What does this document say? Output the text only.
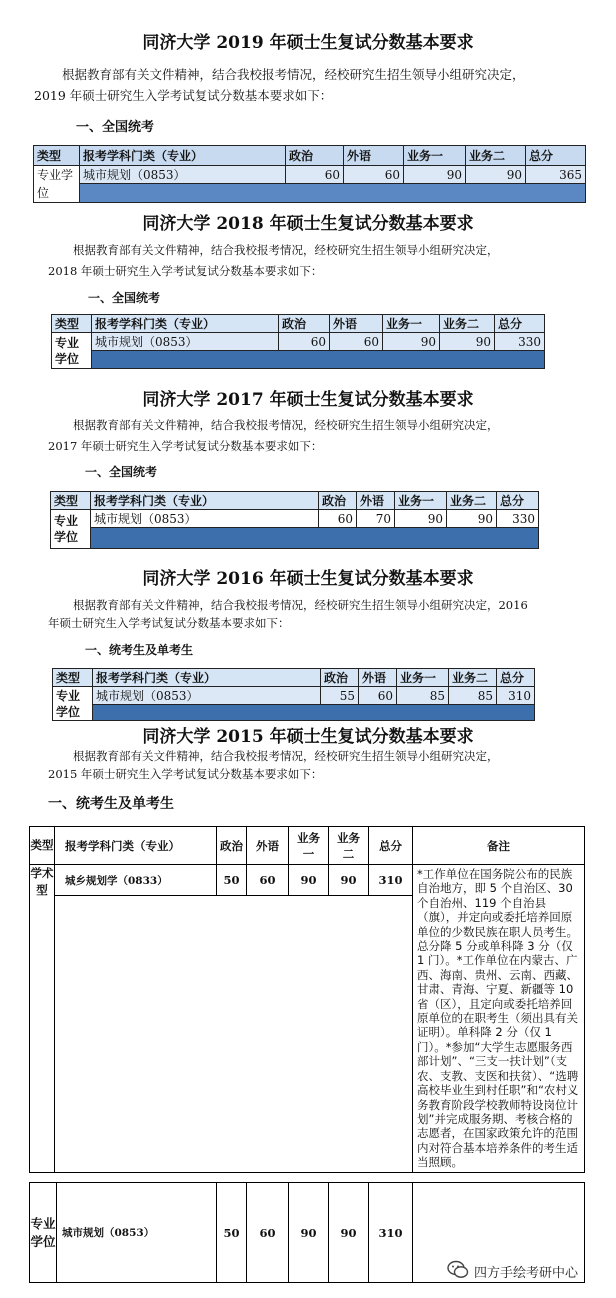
同济大学 2019 年硕士生复试分数基本要求
根据教育部有关文件精神，结合我校报考情况，经校研究生招生领导小组研究决定，
2019 年硕士研究生入学考试复试分数基本要求如下：
一、全国统考
类型	报考学科门类（专业）	政治	外语	业务一	业务二	总分
专业学位	城市规划（0853）	60	60	90	90	365

同济大学 2018 年硕士生复试分数基本要求
根据教育部有关文件精神，结合我校报考情况，经校研究生招生领导小组研究决定，
2018 年硕士研究生入学考试复试分数基本要求如下：
一、全国统考
类型	报考学科门类（专业）	政治	外语	业务一	业务二	总分
专业学位	城市规划（0853）	60	60	90	90	330

同济大学 2017 年硕士生复试分数基本要求
根据教育部有关文件精神，结合我校报考情况，经校研究生招生领导小组研究决定，
2017 年硕士研究生入学考试复试分数基本要求如下：
一、全国统考
类型	报考学科门类（专业）	政治	外语	业务一	业务二	总分
专业学位	城市规划（0853）	60	70	90	90	330

同济大学 2016 年硕士生复试分数基本要求
根据教育部有关文件精神，结合我校报考情况，经校研究生招生领导小组研究决定，2016
年硕士研究生入学考试复试分数基本要求如下：
一、统考生及单考生
类型	报考学科门类（专业）	政治	外语	业务一	业务二	总分
专业学位	城市规划（0853）	55	60	85	85	310

同济大学 2015 年硕士生复试分数基本要求
根据教育部有关文件精神，结合我校报考情况，经校研究生招生领导小组研究决定，
2015 年硕士研究生入学考试复试分数基本要求如下：
一、统考生及单考生
类型	报考学科门类（专业）	政治	外语	业务一	业务二	总分	备注
学术型	城乡规划学（0833）	50	60	90	90	310	*工作单位在国务院公布的民族自治地方，即 5 个自治区、30 个自治州、119 个自治县（旗），并定向或委托培养回原单位的少数民族在职人员考生。总分降 5 分或单科降 3 分（仅 1 门）。*工作单位在内蒙古、广西、海南、贵州、云南、西藏、甘肃、青海、宁夏、新疆等 10 省（区），且定向或委托培养回原单位的在职考生（须出具有关证明）。单科降 2 分（仅 1 门）。*参加“大学生志愿服务西部计划”、“三支一扶计划”（支农、支教、支医和扶贫）、“选聘高校毕业生到村任职”和“农村义务教育阶段学校教师特设岗位计划”并完成服务期、考核合格的志愿者，在国家政策允许的范围内对符合基本培养条件的考生适当照顾。

专业学位	城市规划（0853）	50	60	90	90	310	
四方手绘考研中心
